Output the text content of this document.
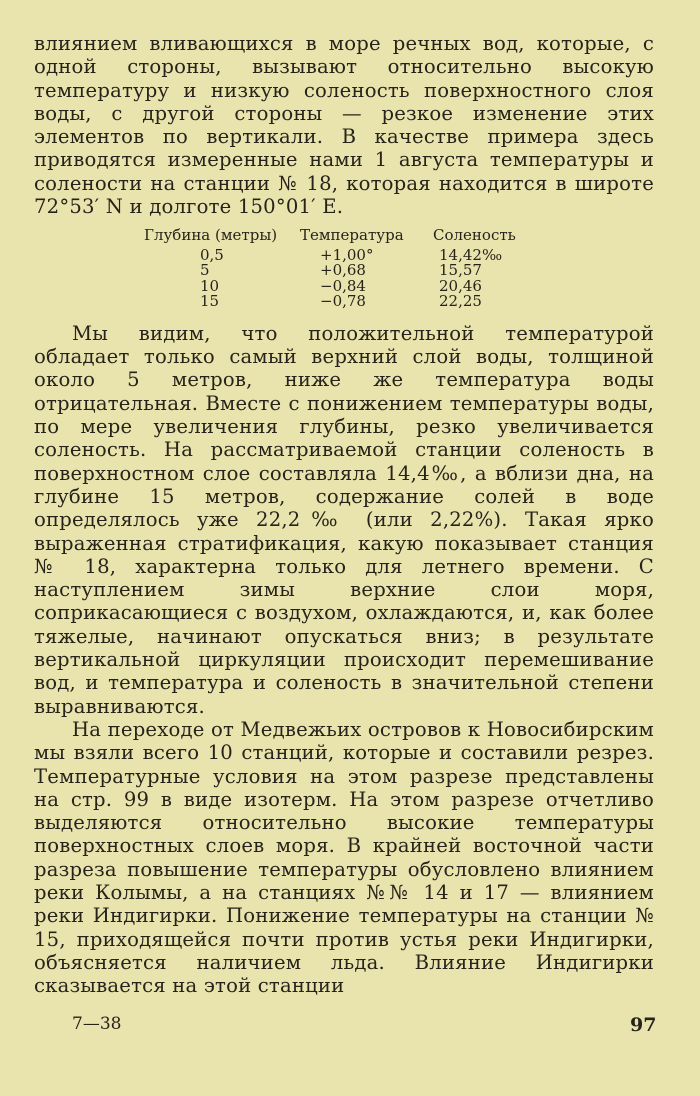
влиянием вливающихся в море речных вод, которые, с одной стороны, вызывают относительно высокую температуру и низкую соленость поверхностного слоя воды, с другой стороны — резкое изменение этих элементов по вертикали. В качестве примера здесь приводятся измеренные нами 1 августа температуры и солености на станции № 18, которая находится в широте 72°53′ N и долготе 150°01′ E.

Глубина (метры)	Температура	Соленость
0,5	+1,00°	14,42‰
5	+0,68	15,57
10	−0,84	20,46
15	−0,78	22,25

Мы видим, что положительной температурой обладает только самый верхний слой воды, толщиной около 5 метров, ниже же температура воды отрицательная. Вместе с понижением температуры воды, по мере увеличения глубины, резко увеличивается соленость. На рассматриваемой станции соленость в поверхностном слое составляла 14,4‰, а вблизи дна, на глубине 15 метров, содержание солей в воде определялось уже 22,2‰ (или 2,22%). Такая ярко выраженная стратификация, какую показывает станция № 18, характерна только для летнего времени. С наступлением зимы верхние слои моря, соприкасающиеся с воздухом, охлаждаются, и, как более тяжелые, начинают опускаться вниз; в результате вертикальной циркуляции происходит перемешивание вод, и температура и соленость в значительной степени выравниваются.

На переходе от Медвежьих островов к Новосибирским мы взяли всего 10 станций, которые и составили резрез. Температурные условия на этом разрезе представлены на стр. 99 в виде изотерм. На этом разрезе отчетливо выделяются относительно высокие температуры поверхностных слоев моря. В крайней восточной части разреза повышение температуры обусловлено влиянием реки Колымы, а на станциях №№ 14 и 17 — влиянием реки Индигирки. Понижение температуры на станции № 15, приходящейся почти против устья реки Индигирки, объясняется наличием льда. Влияние Индигирки сказывается на этой станции

7—38	97
